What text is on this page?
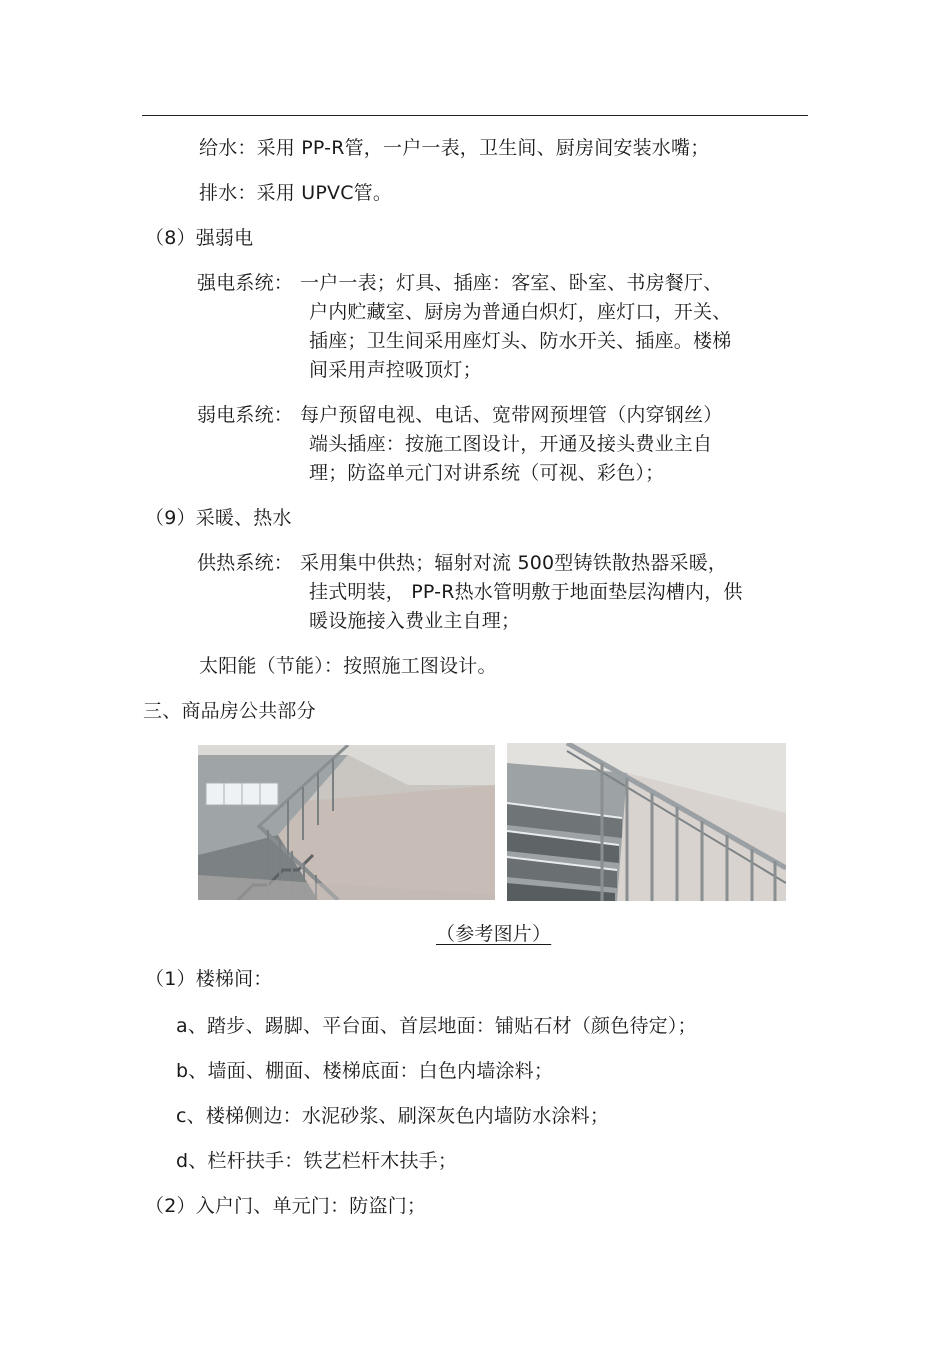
给水：采用 PP-R管，一户一表，卫生间、厨房间安装水嘴；
排水：采用 UPVC管。
（8）强弱电
强电系统： 一户一表；灯具、插座：客室、卧室、书房餐厅、
户内贮藏室、厨房为普通白炽灯，座灯口，开关、
插座；卫生间采用座灯头、防水开关、插座。楼梯
间采用声控吸顶灯；
弱电系统： 每户预留电视、电话、宽带网预埋管（内穿钢丝）
端头插座：按施工图设计，开通及接头费业主自
理；防盗单元门对讲系统（可视、彩色）；
（9）采暖、热水
供热系统： 采用集中供热；辐射对流 500型铸铁散热器采暖，
挂式明装， PP-R热水管明敷于地面垫层沟槽内，供
暖设施接入费业主自理；
太阳能（节能）：按照施工图设计。
三、商品房公共部分
（参考图片）
（1）楼梯间：
a、踏步、踢脚、平台面、首层地面：铺贴石材（颜色待定）；
b、墙面、棚面、楼梯底面：白色内墙涂料；
c、楼梯侧边：水泥砂浆、刷深灰色内墙防水涂料；
d、栏杆扶手：铁艺栏杆木扶手；
（2）入户门、单元门：防盗门；
